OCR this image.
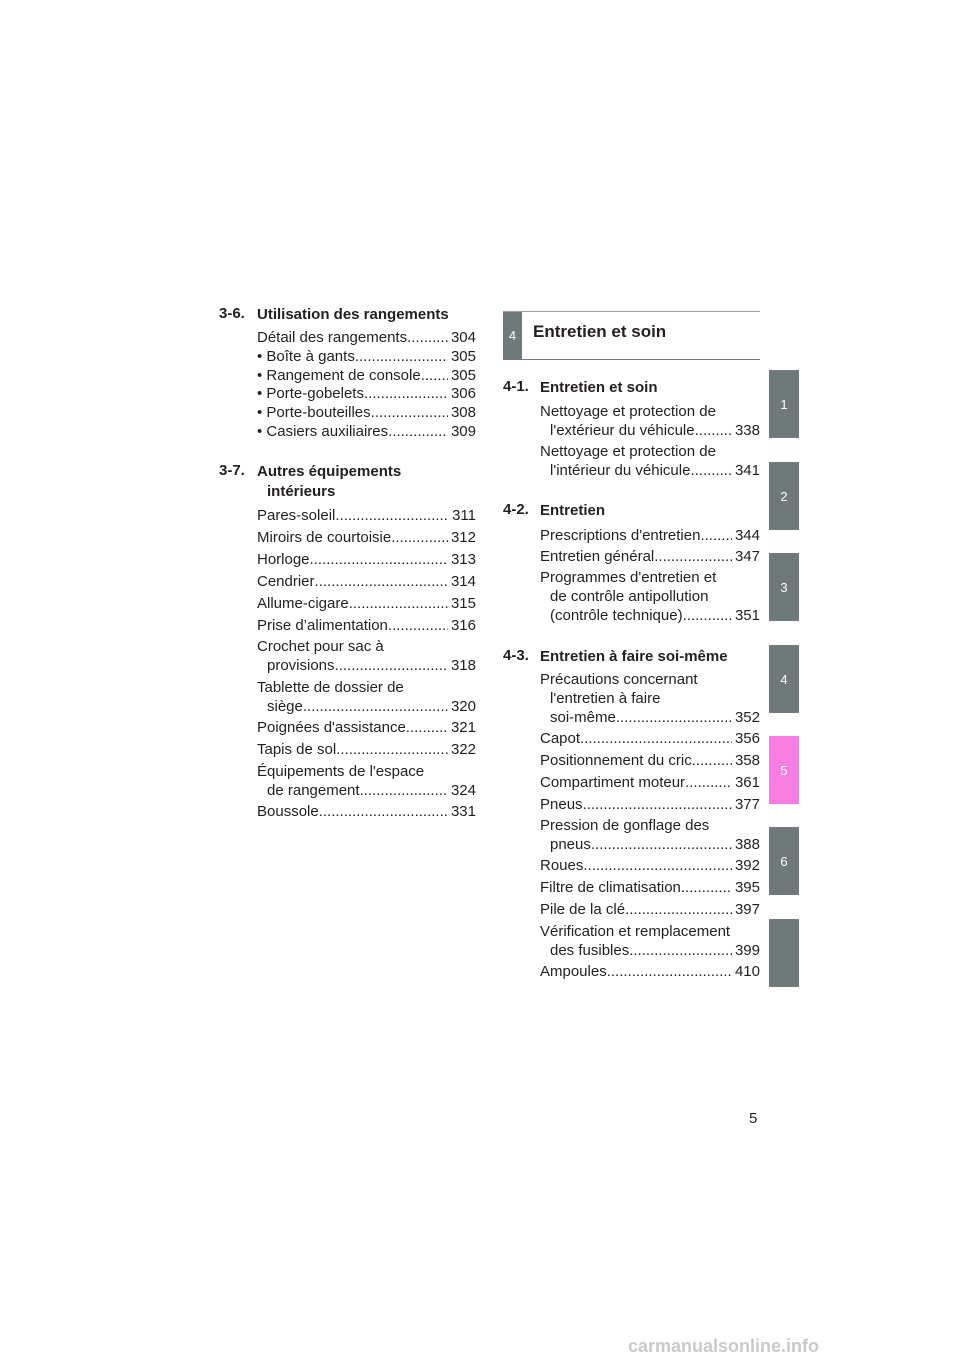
3-6. Utilisation des rangements
Détail des rangements .....	304
• Boîte à gants .....	305
• Rangement de console ..... 305
• Porte-gobelets .....	306
• Porte-bouteilles .....	308
• Casiers auxiliaires .....	309
3-7. Autres équipements
intérieurs
Pares-soleil .....	311
Miroirs de courtoisie .....	312
Horloge .....	313
Cendrier .....	314
Allume-cigare .....	315
Prise d’alimentation .....	316
Crochet pour sac à
provisions .....	318
Tablette de dossier de
siège .....	320
Poignées d'assistance .....	321
Tapis de sol .....	322
Équipements de l'espace
de rangement .....	324
Boussole .....	331
4 Entretien et soin
4-1. Entretien et soin
Nettoyage et protection de
l'extérieur du véhicule .....	338
Nettoyage et protection de
l'intérieur du véhicule .....	341
4-2. Entretien
Prescriptions d'entretien ..... 344
Entretien général .....	347
Programmes d'entretien et
de contrôle antipollution
(contrôle technique) .....	351
4-3. Entretien à faire soi-même
Précautions concernant
l'entretien à faire
soi-même .....	352
Capot .....	356
Positionnement du cric .....	358
Compartiment moteur .....	361
Pneus .....	377
Pression de gonflage des
pneus .....	388
Roues .....	392
Filtre de climatisation .....	395
Pile de la clé .....	397
Vérification et remplacement
des fusibles .....	399
Ampoules .....	410
1
2
3
4
5
6
5
carmanualsonline.info
